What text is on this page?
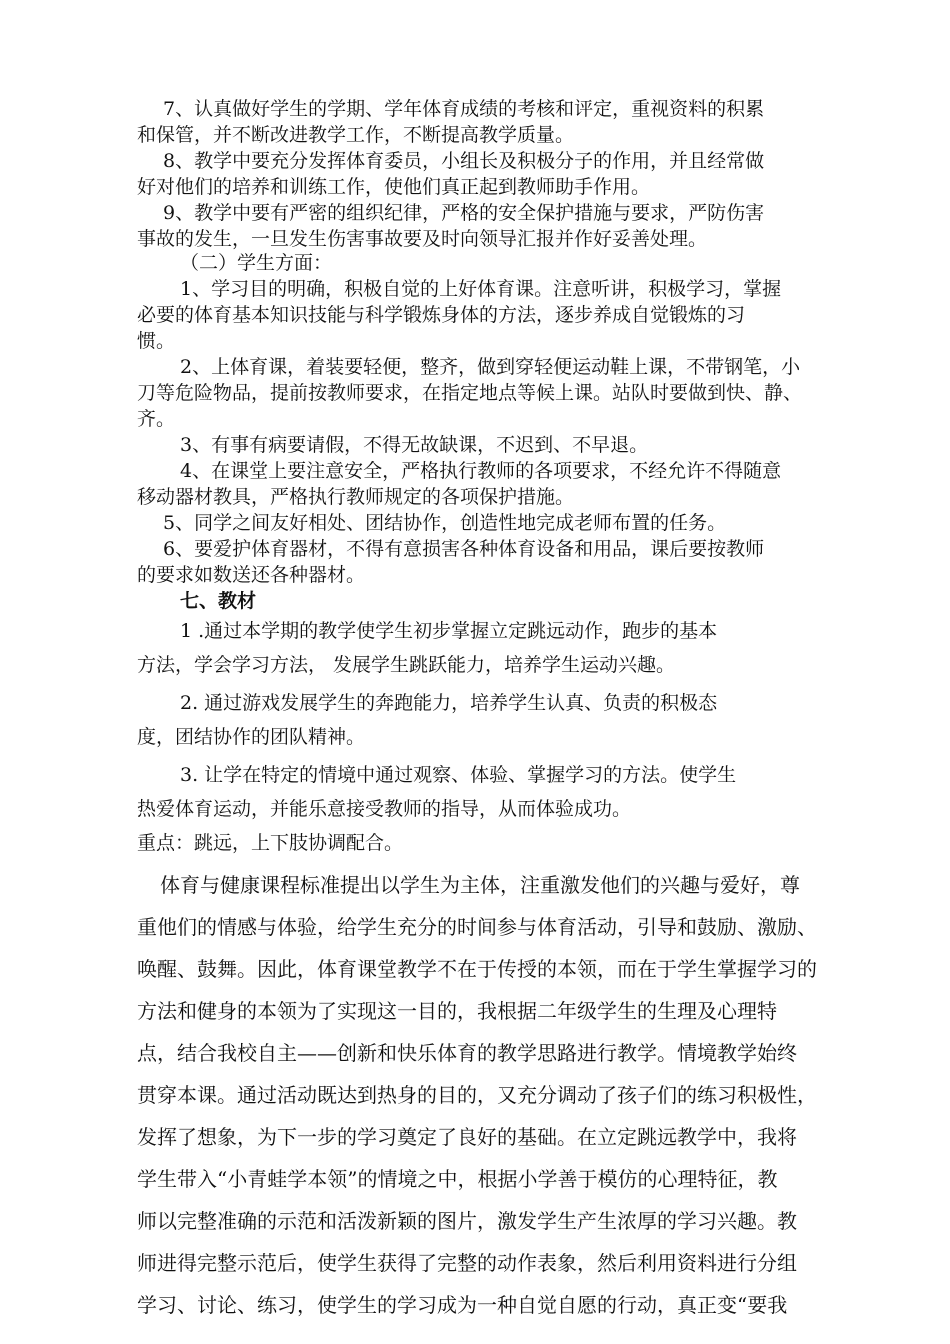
7、认真做好学生的学期、学年体育成绩的考核和评定，重视资料的积累
和保管，并不断改进教学工作，不断提高教学质量。
8、教学中要充分发挥体育委员，小组长及积极分子的作用，并且经常做
好对他们的培养和训练工作，使他们真正起到教师助手作用。
9、教学中要有严密的组织纪律，严格的安全保护措施与要求，严防伤害
事故的发生，一旦发生伤害事故要及时向领导汇报并作好妥善处理。
（二）学生方面：
1、学习目的明确，积极自觉的上好体育课。注意听讲，积极学习，掌握
必要的体育基本知识技能与科学锻炼身体的方法，逐步养成自觉锻炼的习
惯。
2、上体育课，着装要轻便，整齐，做到穿轻便运动鞋上课，不带钢笔，小
刀等危险物品，提前按教师要求，在指定地点等候上课。站队时要做到快、静、
齐。
3、有事有病要请假，不得无故缺课，不迟到、不早退。
4、在课堂上要注意安全，严格执行教师的各项要求，不经允许不得随意
移动器材教具，严格执行教师规定的各项保护措施。
5、同学之间友好相处、团结协作，创造性地完成老师布置的任务。
6、要爱护体育器材，不得有意损害各种体育设备和用品，课后要按教师
的要求如数送还各种器材。
七、教材
1 .通过本学期的教学使学生初步掌握立定跳远动作，跑步的基本
方法，学会学习方法， 发展学生跳跃能力，培养学生运动兴趣。
2. 通过游戏发展学生的奔跑能力，培养学生认真、负责的积极态
度，团结协作的团队精神。
3. 让学在特定的情境中通过观察、体验、掌握学习的方法。使学生
热爱体育运动，并能乐意接受教师的指导，从而体验成功。
重点：跳远，上下肢协调配合。
体育与健康课程标准提出以学生为主体，注重激发他们的兴趣与爱好，尊
重他们的情感与体验，给学生充分的时间参与体育活动，引导和鼓励、激励、
唤醒、鼓舞。因此，体育课堂教学不在于传授的本领，而在于学生掌握学习的
方法和健身的本领为了实现这一目的，我根据二年级学生的生理及心理特
点，结合我校自主——创新和快乐体育的教学思路进行教学。情境教学始终
贯穿本课。通过活动既达到热身的目的，又充分调动了孩子们的练习积极性，
发挥了想象，为下一步的学习奠定了良好的基础。在立定跳远教学中，我将
学生带入“小青蛙学本领”的情境之中，根据小学善于模仿的心理特征，教
师以完整准确的示范和活泼新颖的图片，激发学生产生浓厚的学习兴趣。教
师进得完整示范后，使学生获得了完整的动作表象，然后利用资料进行分组
学习、讨论、练习，使学生的学习成为一种自觉自愿的行动，真正变“要我
